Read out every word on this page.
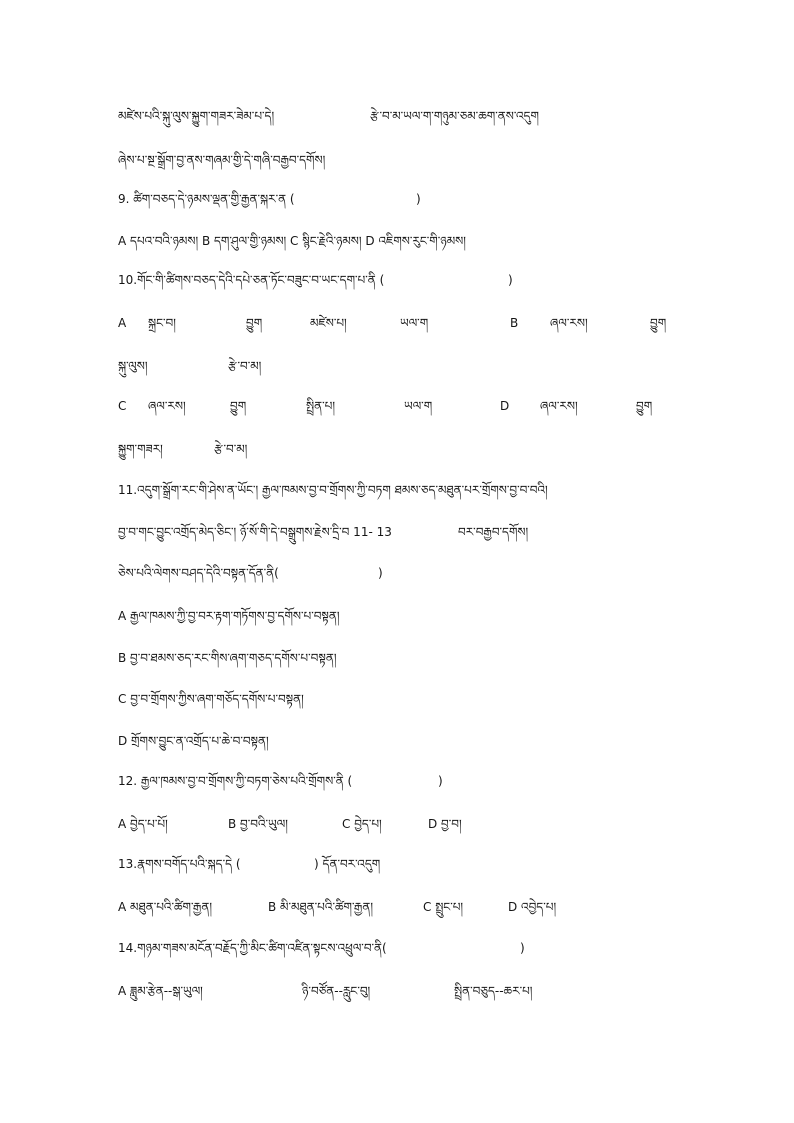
མཛེས་པའི་སྐུ་ལུས་སྐྱུག་གཟར་ཟེམ་པ་དེ།	རྩེ་བ་མ་ཡལ་ག་གཉུམ་ཅམ་ཆག་ནས་འདུག
ཞེས་པ་སྔ་སྒྲོག་བྱ་ནས་གཞམ་གྱི་དེ་གཞི་བརྒྱབ་དགོས།
9. ཚིག་བཅད་དེ་ཉམས་ལྡན་གྱི་རྒྱན་སྐར་ན (	)
A དཔའ་བའི་ཉམས། B དག་ཤུལ་གྱི་ཉམས། C སྙིང་རྗེའི་ཉམས། D འཇིགས་རུང་གི་ཉམས།
10.གོང་གི་ཚིགས་བཅད་དེའི་དཔེ་ཅན་ཏོང་བཟུང་བ་ཡང་དག་པ་ནི (	)
A སྐྲང་བ།	བྱུག	མཛེས་པ།	ཡལ་ག	B	ཞལ་རས།	བྱུག
སྐུ་ལུས།	རྩེ་བ་མ།
C ཞལ་རས།	བྱུག	སྤྲིན་པ།	ཡལ་ག	D	ཞལ་རས།	བྱུག
སྐྱུག་གཟར།	རྩེ་བ་མ།
11.འདུག་སྒྲོག་རང་གི་ཤེས་ན་ཡོང་། རྒྱལ་ཁམས་བྱ་བ་གྲོགས་ཀྱི་བཏག ཐམས་ཅད་མཐུན་པར་གྲོགས་བྱ་བ་བའི།
བྱ་བ་གང་བྱུང་འགྲོད་མེད་ཅིང་། ཉོ་སོ་གི་དེ་བསྒྲུགས་རྗེས་དྲི་བ 11- 13	བར་བརྒྱབ་དགོས།
ཅེས་པའི་ལེགས་བཤད་དེའི་བསྟན་དོན་ནི(	)
A རྒྱལ་ཁམས་ཀྱི་བྱ་བར་རྟག་གཏོགས་བྱ་དགོས་པ་བསྟན།
B བྱ་བ་ཐམས་ཅད་རང་གིས་ཞག་གཅད་དགོས་པ་བསྟན།
C བྱ་བ་གྲོགས་ཀྱིས་ཞག་གཅོད་དགོས་པ་བསྟན།
D གྲོགས་བྱུང་ན་འགྲོད་པ་ཆེ་བ་བསྟན།
12. རྒྱལ་ཁམས་བྱ་བ་གྲོགས་ཀྱི་བཏག་ཅེས་པའི་གྲོགས་ནི (	)
A བྱེད་པ་པོ།	B བྱ་བའི་ཡུལ།	C བྱེད་པ།	D བྱ་བ།
13.རྣགས་བགོད་པའི་སྐད་དེ (	) དོན་བར་འདུག
A མཐུན་པའི་ཚིག་རྒྱན།	B མི་མཐུན་པའི་ཚིག་རྒྱན།	C སྤྲུང་པ།	D འབྱེད་པ།
14.གཉམ་གཟས་མངོན་བརྗོད་ཀྱི་མིང་ཚིག་འཛིན་སྟངས་འཕྲུལ་བ་ནི(	)
A ཟླུམ་རྩེན--སྒ་ཡུལ།	ཉི་བཙོན--རླུང་བུ།	སྤྲིན་བཅུད--ཆར་པ།
